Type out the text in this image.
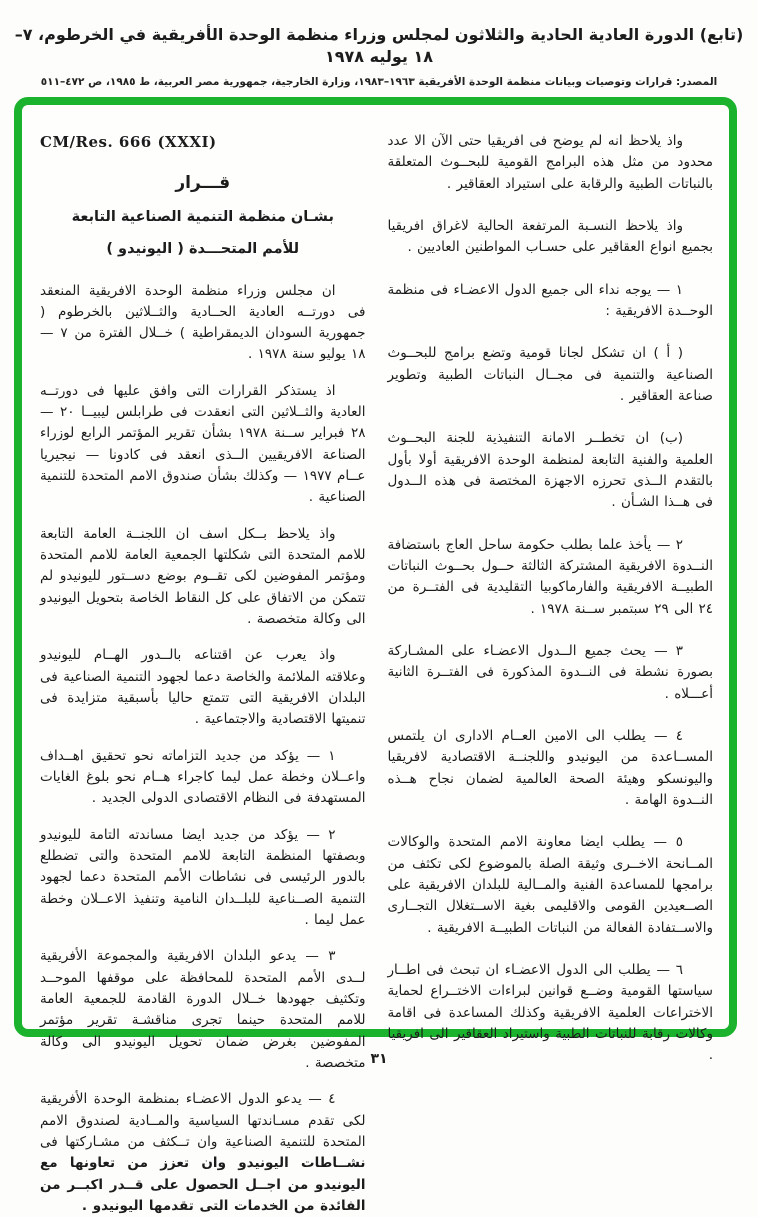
(تابع) الدورة العادية الحادية والثلاثون لمجلس وزراء منظمة الوحدة الأفريقية في الخرطوم، ٧–١٨ يوليه ١٩٧٨
المصدر: قرارات وتوصيات وبيانات منظمة الوحدة الأفريقية ١٩٦٣–١٩٨٣، وزارة الخارجية، جمهورية مصر العربية، ط ١٩٨٥، ص ٤٧٢–٥١١

واذ يلاحظ انه لم يوضح فى افريقيا حتى الآن الا عدد محدود من مثل هذه البرامج القومية للبحــوث المتعلقة بالنباتات الطبية والرقابة على استيراد العقاقير .

واذ يلاحظ النسـبة المرتفعة الحالية لاغراق افريقيا بجميع انواع العقاقير على حسـاب المواطنين العاديين .

١ — يوجه نداء الى جميع الدول الاعضـاء فى منظمة الوحــدة الافريقية :

( أ ) ان تشكل لجانا قومية وتضع برامج للبحــوث الصناعية والتنمية فى مجــال النباتات الطبية وتطوير صناعة العقاقير .

(ب) ان تخطــر الامانة التنفيذية للجنة البحــوث العلمية والفنية التابعة لمنظمة الوحدة الافريقية أولا بأول بالتقدم الــذى تحرزه الاجهزة المختصة فى هذه الــدول فى هــذا الشـأن .

٢ — يأخذ علما بطلب حكومة ساحل العاج باستضافة النــدوة الافريقية المشتركة الثالثة حــول بحــوث النباتات الطبيــة الافريقية والفارماكوبيا التقليدية فى الفتــرة من ٢٤ الى ٢٩ سبتمبر ســنة ١٩٧٨ .

٣ — يحث جميع الــدول الاعضـاء على المشـاركة بصورة نشطة فى النــدوة المذكورة فى الفتــرة الثانية أعـــلاه .

٤ — يطلب الى الامين العــام الادارى ان يلتمس المســاعدة من اليونيدو واللجنــة الاقتصادية لافريقيا واليونسكو وهيئة الصحة العالمية لضمان نجاح هــذه النــدوة الهامة .

٥ — يطلب ايضا معاونة الامم المتحدة والوكالات المــانحة الاخــرى وثيقة الصلة بالموضوع لكى تكثف من برامجها للمساعدة الفنية والمــالية للبلدان الافريقية على الصــعيدين القومى والاقليمى بغية الاســتغلال التجــارى والاســتفادة الفعالة من النباتات الطبيــة الافريقية .

٦ — يطلب الى الدول الاعضـاء ان تبحث فى اطــار سياستها القومية وضــع قوانين لبراءات الاختــراع لحماية الاختراعات العلمية الافريقية وكذلك المساعدة فى اقامة وكالات رقابة للنباتات الطبية واستيراد العقاقير الى افريقيا .

CM/Res. 666 (XXXI)
قـــرار
بشـان منظمة التنمية الصناعية التابعة
للأمم المتحـــدة ( اليونيدو )

ان مجلس وزراء منظمة الوحدة الافريقية المنعقد فى دورتــه العادية الحــادية والثــلاثين بالخرطوم ( جمهورية السودان الديمقراطية ) خــلال الفترة من ٧ — ١٨ يوليو سنة ١٩٧٨ .

اذ يستذكر القرارات التى وافق عليها فى دورتــه العادية والثــلاثين التى انعقدت فى طرابلس ليبيــا ٢٠ — ٢٨ فبراير ســنة ١٩٧٨ بشأن تقرير المؤتمر الرابع لوزراء الصناعة الافريقيين الــذى انعقد فى كادونا — نيجيريا عــام ١٩٧٧ — وكذلك بشأن صندوق الامم المتحدة للتنمية الصناعية .

واذ يلاحظ بــكل اسف ان اللجنــة العامة التابعة للامم المتحدة التى شكلتها الجمعية العامة للامم المتحدة ومؤتمر المفوضين لكى تقــوم بوضع دســتور لليونيدو لم تتمكن من الاتفاق على كل النقاط الخاصة بتحويل اليونيدو الى وكالة متخصصة .

واذ يعرب عن اقتناعه بالــدور الهــام لليونيدو وعلاقته الملائمة والخاصة دعما لجهود التنمية الصناعية فى البلدان الافريقية التى تتمتع حاليا بأسبقية متزايدة فى تنميتها الاقتصادية والاجتماعية .

١ — يؤكد من جديد التزاماته نحو تحقيق اهــداف واعــلان وخطة عمل ليما كاجراء هــام نحو بلوغ الغايات المستهدفة فى النظام الاقتصادى الدولى الجديد .

٢ — يؤكد من جديد ايضا مساندته التامة لليونيدو وبصفتها المنظمة التابعة للامم المتحدة والتى تضطلع بالدور الرئيسى فى نشاطات الأمم المتحدة دعما لجهود التنمية الصــناعية للبلــدان النامية وتنفيذ الاعــلان وخطة عمل ليما .

٣ — يدعو البلدان الافريقية والمجموعة الأفريقية لــدى الأمم المتحدة للمحافظة على موقفها الموحــد وتكثيف جهودها خــلال الدورة القادمة للجمعية العامة للامم المتحدة حينما تجرى مناقشـة تقرير مؤتمر المفوضين بغرض ضمان تحويل اليونيدو الى وكالة متخصصة .

٤ — يدعو الدول الاعضـاء بمنظمة الوحدة الأفريقية لكى تقدم مسـاندتها السياسية والمــادية لصندوق الامم المتحدة للتنمية الصناعية وان تــكثف من مشـاركتها فى نشــاطات اليونيدو وان تعزز من تعاونها مع اليونيدو من اجــل الحصول على قــدر اكبــر من الفائدة من الخدمات التى تقدمها اليونيدو .

٣١
